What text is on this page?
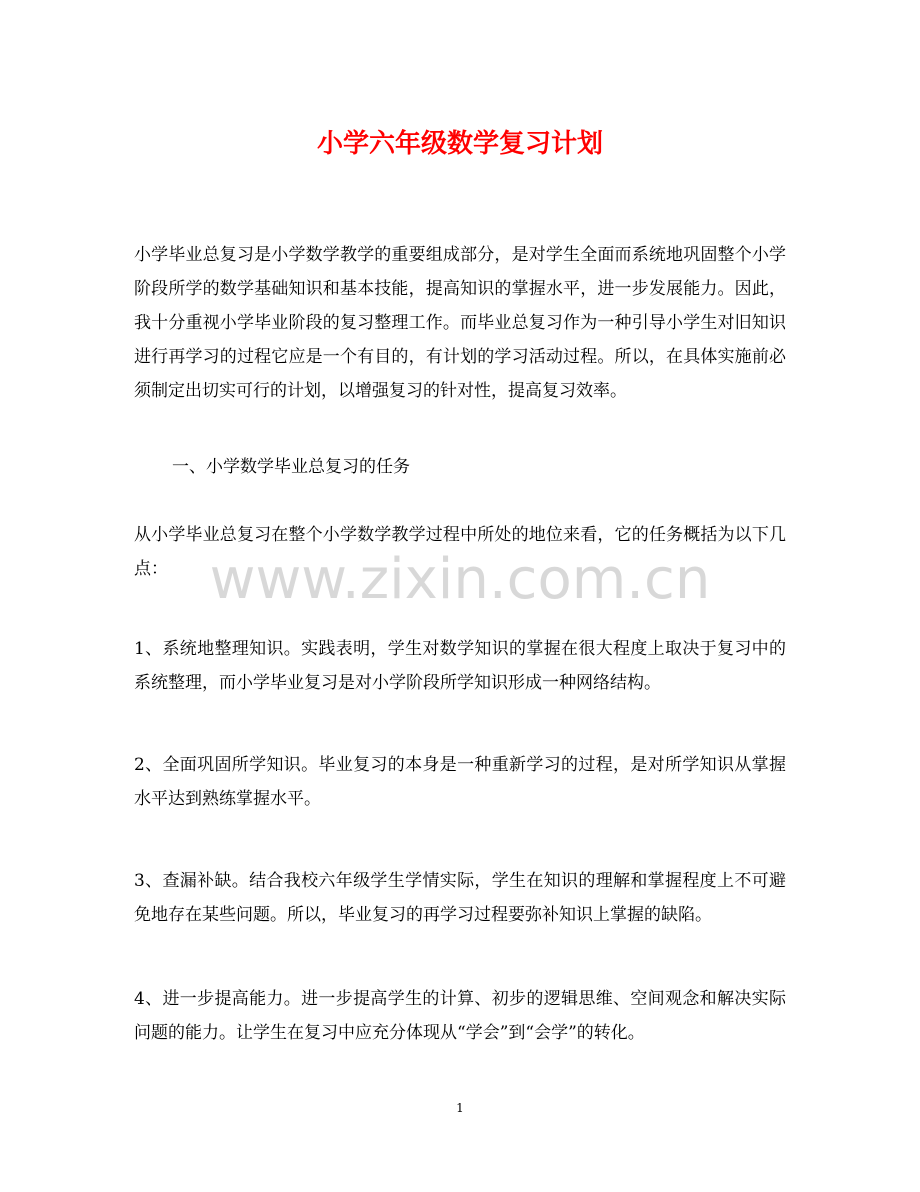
小学六年级数学复习计划
www.zixin.com.cn

小学毕业总复习是小学数学教学的重要组成部分，是对学生全面而系统地巩固整个小学阶段所学的数学基础知识和基本技能，提高知识的掌握水平，进一步发展能力。因此，我十分重视小学毕业阶段的复习整理工作。而毕业总复习作为一种引导小学生对旧知识进行再学习的过程它应是一个有目的，有计划的学习活动过程。所以，在具体实施前必须制定出切实可行的计划，以增强复习的针对性，提高复习效率。

一、小学数学毕业总复习的任务

从小学毕业总复习在整个小学数学教学过程中所处的地位来看，它的任务概括为以下几点：

1、系统地整理知识。实践表明，学生对数学知识的掌握在很大程度上取决于复习中的系统整理，而小学毕业复习是对小学阶段所学知识形成一种网络结构。

2、全面巩固所学知识。毕业复习的本身是一种重新学习的过程，是对所学知识从掌握水平达到熟练掌握水平。

3、查漏补缺。结合我校六年级学生学情实际，学生在知识的理解和掌握程度上不可避免地存在某些问题。所以，毕业复习的再学习过程要弥补知识上掌握的缺陷。

4、进一步提高能力。进一步提高学生的计算、初步的逻辑思维、空间观念和解决实际问题的能力。让学生在复习中应充分体现从“学会”到“会学”的转化。

1
